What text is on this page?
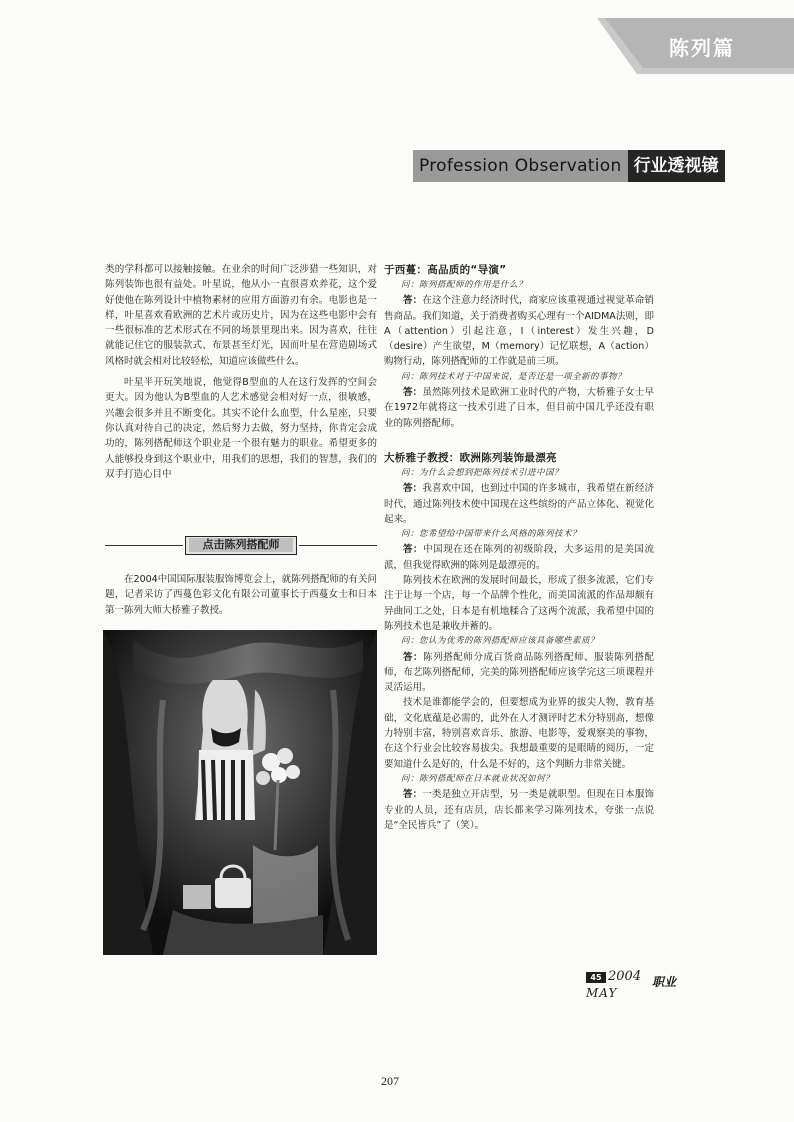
陈列篇
Profession Observation 行业透视镜

类的学科都可以接触接触。在业余的时间广泛涉猎一些知识，对陈列装饰也很有益处。叶星说，他从小一直很喜欢养花，这个爱好使他在陈列设计中植物素材的应用方面游刃有余。电影也是一样，叶星喜欢看欧洲的艺术片或历史片，因为在这些电影中会有一些很标准的艺术形式在不同的场景里现出来。因为喜欢，往往就能记住它的服装款式、布景甚至灯光，因而叶星在营造剧场式风格时就会相对比较轻松，知道应该做些什么。

叶星半开玩笑地说，他觉得B型血的人在这行发挥的空间会更大。因为他认为B型血的人艺术感觉会相对好一点，很敏感，兴趣会很多并且不断变化。其实不论什么血型，什么星座，只要你认真对待自己的决定，然后努力去做，努力坚持，你肯定会成功的，陈列搭配师这个职业是一个很有魅力的职业。希望更多的人能够投身到这个职业中，用我们的思想，我们的智慧，我们的双手打造心目中

点击陈列搭配师

在2004中国国际服装服饰博览会上，就陈列搭配师的有关问题，记者采访了西蔓色彩文化有限公司董事长于西蔓女士和日本第一陈列大师大桥雅子教授。

于西蔓：高品质的“导演”

问：陈列搭配师的作用是什么？

答：在这个注意力经济时代，商家应该重视通过视觉革命销售商品。我们知道，关于消费者购买心理有一个AIDMA法则，即A（attention）引起注意，I（interest）发生兴趣，D（desire）产生欲望，M（memory）记忆联想，A（action）购物行动，陈列搭配师的工作就是前三项。

问：陈列技术对于中国来说，是否还是一项全新的事物？

答：虽然陈列技术是欧洲工业时代的产物，大桥雅子女士早在1972年就将这一技术引进了日本，但目前中国几乎还没有职业的陈列搭配师。

大桥雅子教授：欧洲陈列装饰最漂亮

问：为什么会想到把陈列技术引进中国？

答：我喜欢中国，也到过中国的许多城市，我希望在新经济时代，通过陈列技术使中国现在这些缤纷的产品立体化、视觉化起来。

问：您希望给中国带来什么风格的陈列技术？

答：中国现在还在陈列的初级阶段，大多运用的是美国流派，但我觉得欧洲的陈列是最漂亮的。

陈列技术在欧洲的发展时间最长，形成了很多流派，它们专注于让每一个店，每一个品牌个性化，而美国流派的作品却颇有异曲同工之处，日本是有机地糅合了这两个流派，我希望中国的陈列技术也是兼收并蓄的。

问：您认为优秀的陈列搭配师应该具备哪些素质？

答：陈列搭配师分成百货商品陈列搭配师、服装陈列搭配师，布艺陈列搭配师，完美的陈列搭配师应该学完这三项课程并灵活运用。

技术是谁都能学会的，但要想成为业界的拔尖人物，教育基础，文化底蕴是必需的，此外在人才测评时艺术分特别高，想像力特别丰富，特别喜欢音乐、旅游、电影等，爱观察美的事物，在这个行业会比较容易拔尖。我想最重要的是眼睛的阅历，一定要知道什么是好的，什么是不好的，这个判断力非常关键。

问：陈列搭配师在日本就业状况如何？

答：一类是独立开店型，另一类是就职型。但现在日本服饰专业的人员，还有店员，店长都来学习陈列技术，夸张一点说是“全民皆兵”了（笑）。

45 2004 职业
MAY
207
